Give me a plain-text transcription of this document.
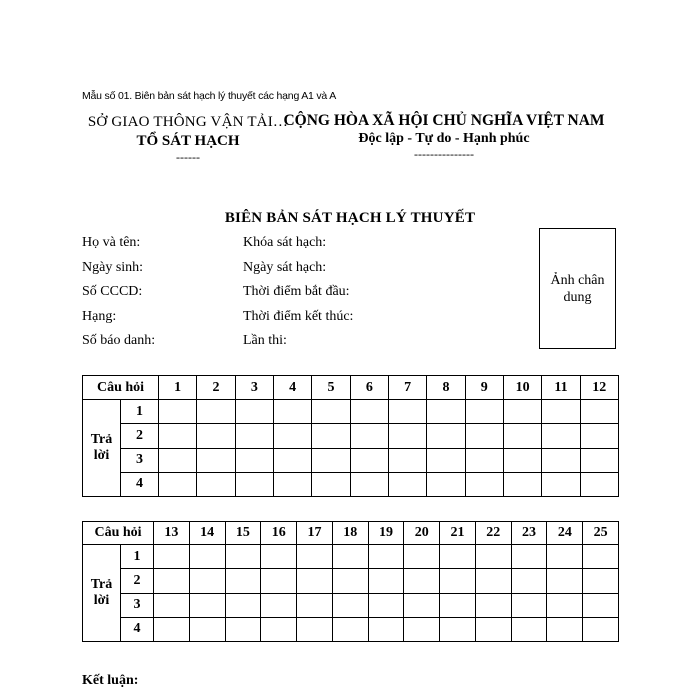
Mẫu số 01. Biên bản sát hạch lý thuyết các hạng A1 và A
SỞ GIAO THÔNG VẬN TẢI…
TỔ SÁT HẠCH
------
CỘNG HÒA XÃ HỘI CHỦ NGHĨA VIỆT NAM
Độc lập - Tự do - Hạnh phúc
---------------
BIÊN BẢN SÁT HẠCH LÝ THUYẾT
Họ và tên:
Ngày sinh:
Số CCCD:
Hạng:
Số báo danh:
Khóa sát hạch:
Ngày sát hạch:
Thời điểm bắt đầu:
Thời điểm kết thúc:
Lần thi:
Ảnh chân dung
Câu hỏi		1	2	3	4	5	6	7	8	9	10	11	12
Trả lời	1												
	2												
	3												
	4												
Câu hỏi		13	14	15	16	17	18	19	20	21	22	23	24	25
Trả lời	1													
	2													
	3													
	4													
Kết luận:
